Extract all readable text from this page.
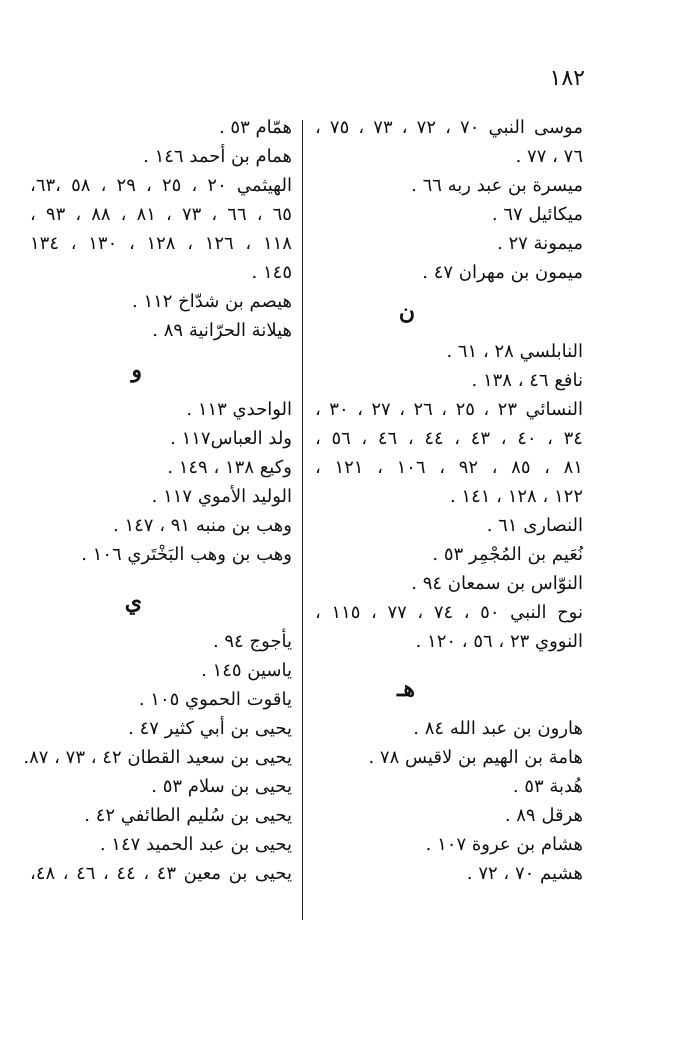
١٨٢
موسى النبي ٧٠ ، ٧٢ ، ٧٣ ، ٧٥ ،
٧٦ ، ٧٧ .
ميسرة بن عبد ربه ٦٦ .
ميكائيل ٦٧ .
ميمونة ٢٧ .
ميمون بن مهران ٤٧ .
ن
النابلسي ٢٨ ، ٦١ .
نافع ٤٦ ، ١٣٨ .
النسائي ٢٣ ، ٢٥ ، ٢٦ ، ٢٧ ، ٣٠ ،
٣٤ ، ٤٠ ، ٤٣ ، ٤٤ ، ٤٦ ، ٥٦ ،
٨١ ، ٨٥ ، ٩٢ ، ١٠٦ ، ١٢١ ،
١٢٢ ، ١٢٨ ، ١٤١ .
النصارى ٦١ .
نُعَيم بن المُجْمِر ٥٣ .
النوّاس بن سمعان ٩٤ .
نوح النبي ٥٠ ، ٧٤ ، ٧٧ ، ١١٥ ،
النووي ٢٣ ، ٥٦ ، ١٢٠ .
هـ
هارون بن عبد الله ٨٤ .
هامة بن الهيم بن لاقيس ٧٨ .
هُدبة ٥٣ .
هرقل ٨٩ .
هشام بن عروة ١٠٧ .
هشيم ٧٠ ، ٧٢ .
همّام ٥٣ .
همام بن أحمد ١٤٦ .
الهيثمي ٢٠ ، ٢٥ ، ٢٩ ، ٥٨ ،٦٣،
٦٥ ، ٦٦ ، ٧٣ ، ٨١ ، ٨٨ ، ٩٣ ،
١١٨ ، ١٢٦ ، ١٢٨ ، ١٣٠ ، ١٣٤
١٤٥ .
هيصم بن شدّاخ ١١٢ .
هيلانة الحرّانية ٨٩ .
و
الواحدي ١١٣ .
ولد العباس١١٧ .
وكيع ١٣٨ ، ١٤٩ .
الوليد الأموي ١١٧ .
وهب بن منبه ٩١ ، ١٤٧ .
وهب بن وهب البَخْتَري ١٠٦ .
ي
يأجوج ٩٤ .
ياسين ١٤٥ .
ياقوت الحموي ١٠٥ .
يحيى بن أبي كثير ٤٧ .
يحيى بن سعيد القطان ٤٢ ، ٧٣ ، ٨٧.
يحيى بن سلام ٥٣ .
يحيى بن سُليم الطائفي ٤٢ .
يحيى بن عبد الحميد ١٤٧ .
يحيى بن معين ٤٣ ، ٤٤ ، ٤٦ ، ٤٨،
